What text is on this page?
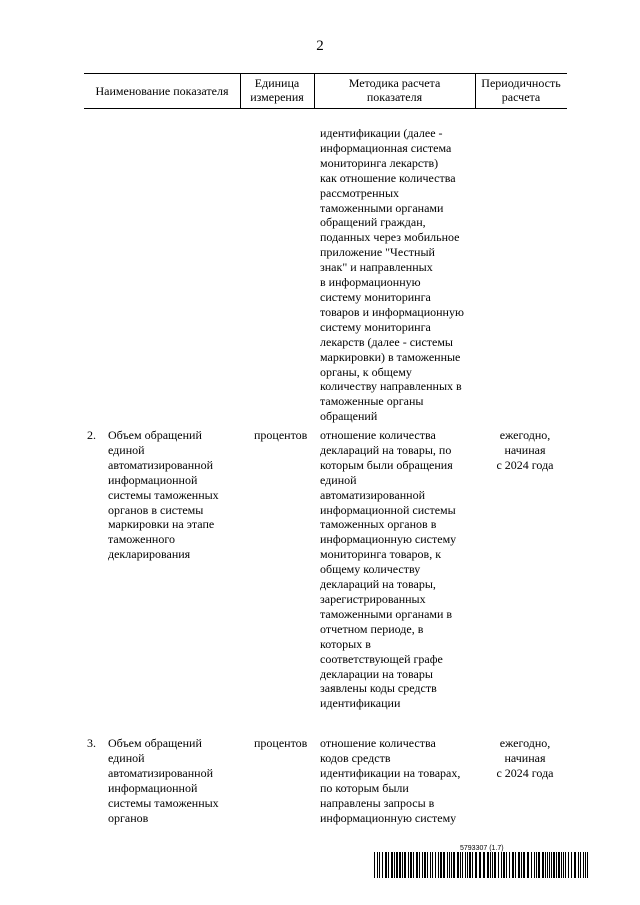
2
Наименование показателя
Единица
измерения
Методика расчета
показателя
Периодичность
расчета
идентификации (далее -
информационная система
мониторинга лекарств)
как отношение количества
рассмотренных
таможенными органами
обращений граждан,
поданных через мобильное
приложение "Честный
знак" и направленных
в информационную
систему мониторинга
товаров и информационную
систему мониторинга
лекарств (далее - системы
маркировки) в таможенные
органы, к общему
количеству направленных в
таможенные органы
обращений
2. Объем обращений
единой
автоматизированной
информационной
системы таможенных
органов в системы
маркировки на этапе
таможенного
декларирования
процентов отношение количества
деклараций на товары, по
которым были обращения
единой
автоматизированной
информационной системы
таможенных органов в
информационную систему
мониторинга товаров, к
общему количеству
деклараций на товары,
зарегистрированных
таможенными органами в
отчетном периоде, в
которых в
соответствующей графе
декларации на товары
заявлены коды средств
идентификации
ежегодно,
начиная
с 2024 года
3. Объем обращений
единой
автоматизированной
информационной
системы таможенных
органов
процентов отношение количества
кодов средств
идентификации на товарах,
по которым были
направлены запросы в
информационную систему
ежегодно,
начиная
с 2024 года
5793307 (1.7)
